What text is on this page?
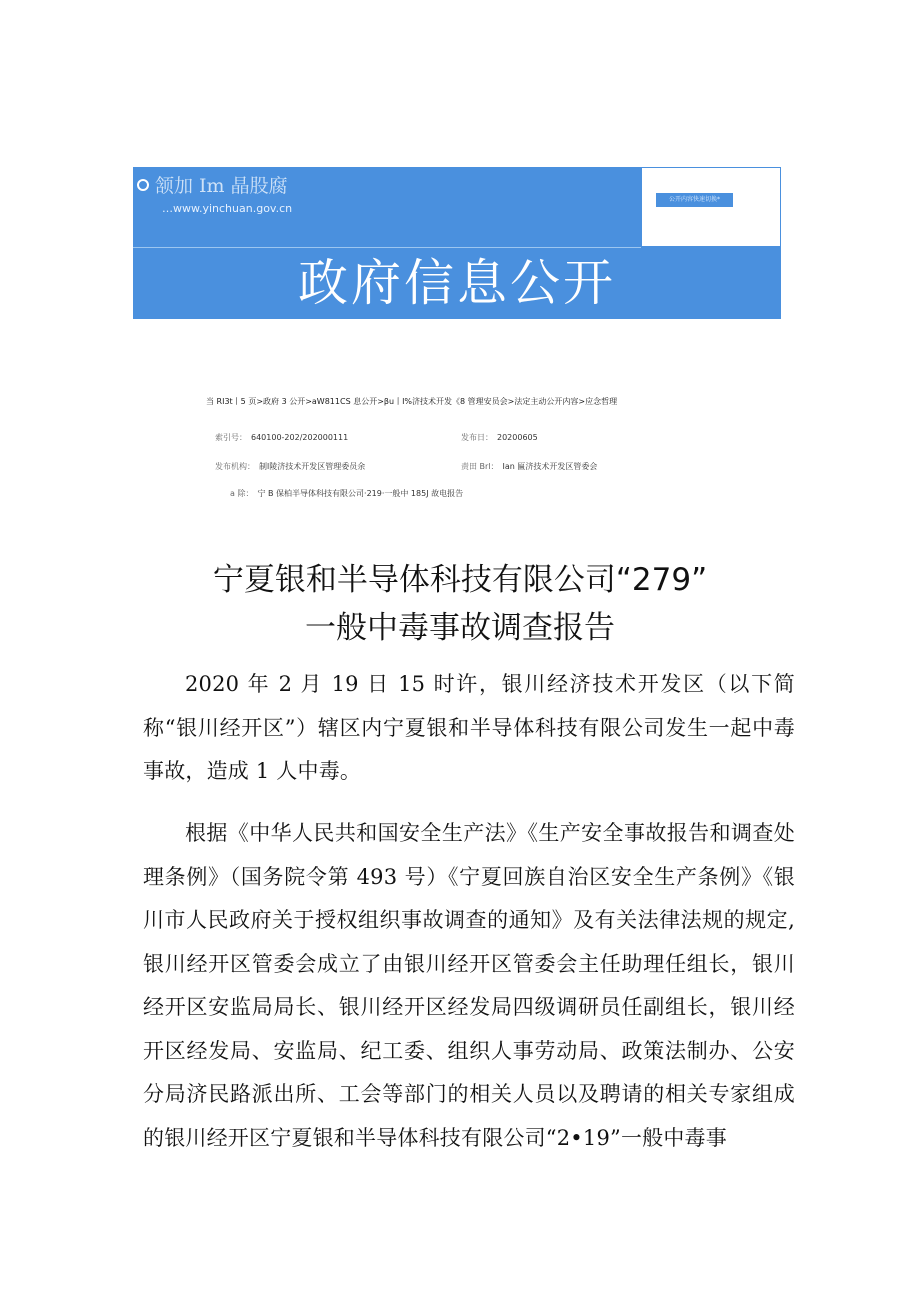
颔加 Im 晶股腐
…www.yinchuan.gov.cn
公开内容快速切换*
政府信息公开
当 RI3t丨5 页>政府 3 公开>aW811CS 息公开>βu丨I%济技术开发《8 管理安员会>法定主动公开内容>应念哲理
索引号： 640100-202/202000111	发布日： 20200605
发布机构： 制l陵济技术开发区管理委员余	责田 Brl： Ian 匾济技术开发区管委会
a 除： 宁 B 保柏半导体科技有限公司·219·一般中 185J 故电报告
宁夏银和半导体科技有限公司“279”
一般中毒事故调查报告

2020 年 2 月 19 日 15 时许，银川经济技术开发区（以下简称“银川经开区”）辖区内宁夏银和半导体科技有限公司发生一起中毒事故，造成 1 人中毒。

根据《中华人民共和国安全生产法》《生产安全事故报告和调查处理条例》（国务院令第 493 号）《宁夏回族自治区安全生产条例》《银川市人民政府关于授权组织事故调查的通知》及有关法律法规的规定,银川经开区管委会成立了由银川经开区管委会主任助理任组长，银川经开区安监局局长、银川经开区经发局四级调研员任副组长，银川经开区经发局、安监局、纪工委、组织人事劳动局、政策法制办、公安分局济民路派出所、工会等部门的相关人员以及聘请的相关专家组成的银川经开区宁夏银和半导体科技有限公司“2•19”一般中毒事
